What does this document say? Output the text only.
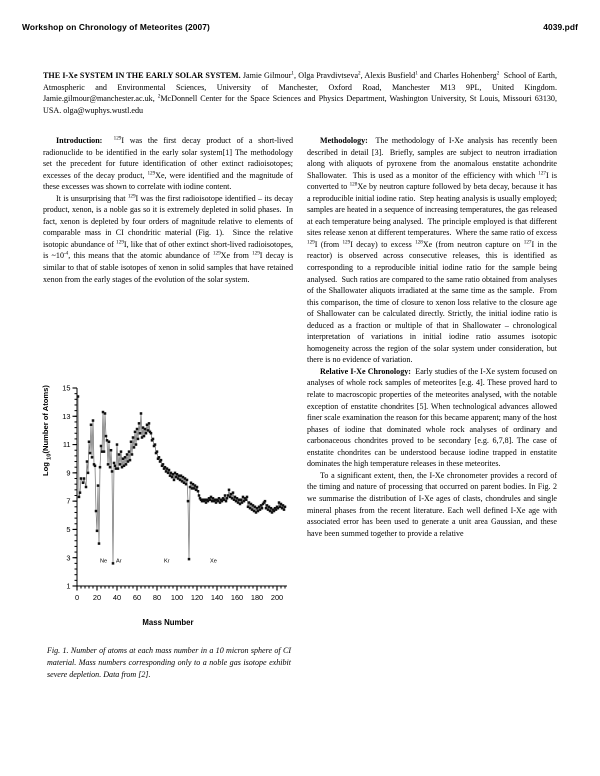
Workshop on Chronology of Meteorites (2007)	4039.pdf
THE I-Xe SYSTEM IN THE EARLY SOLAR SYSTEM. Jamie Gilmour$^1$, Olga Pravdivtseva$^2$, Alexis Busfield$^1$ and Charles Hohenberg$^2$  School of Earth, Atmospheric and Environmental Sciences, University of Manchester, Oxford Road, Manchester M13 9PL, United Kingdom. Jamie.gilmour@manchester.ac.uk, $^2$McDonnell Center for the Space Sciences and Physics Department, Washington University, St Louis, Missouri 63130, USA. olga@wuphys.wustl.edu

Introduction: $^{129}$I was the first decay product of a short-lived radionuclide to be identified in the early solar system[1] The methodology set the precedent for future identification of other extinct radioisotopes; excesses of the decay product, $^{129}$Xe, were identified and the magnitude of these excesses was shown to correlate with iodine content.

It is unsurprising that $^{129}$I was the first radioisotope identified – its decay product, xenon, is a noble gas so it is extremely depleted in solid phases.  In fact, xenon is depleted by four orders of magnitude relative to elements of comparable mass in CI chondritic material (Fig. 1).  Since the relative isotopic abundance of $^{129}$I, like that of other extinct short-lived radioisotopes, is $\sim 10^{-4}$, this means that the atomic abundance of $^{129}$Xe from $^{129}$I decay is similar to that of stable isotopes of xenon in solid samples that have retained xenon from the early stages of the evolution of the solar system.

Log $_{10}$(Number of Atoms)
1
3
5
7
9
11
13
15
0 20 40 60 80 100 120 140 160 180 200
Ne Ar	Kr	Xe
Mass Number
Fig. 1. Number of atoms at each mass number in a 10 micron sphere of CI material. Mass numbers corresponding only to a noble gas isotope exhibit severe depletion. Data from [2].

Methodology:  The methodology of I-Xe analysis has recently been described in detail [3].  Briefly, samples are subject to neutron irradiation along with aliquots of pyroxene from the anomalous enstatite achondrite Shallowater.  This is used as a monitor of the efficiency with which $^{127}$I is converted to $^{128}$Xe by neutron capture followed by beta decay, because it has a reproducible initial iodine ratio.  Step heating analysis is usually employed; samples are heated in a sequence of increasing temperatures, the gas released at each temperature being analysed.  The principle employed is that different sites release xenon at different temperatures.  Where the same ratio of excess $^{129}$I (from $^{129}$I decay) to excess $^{128}$Xe (from neutron capture on $^{127}$I in the reactor) is observed across consecutive releases, this is identified as corresponding to a reproducible initial iodine ratio for the sample being analysed.  Such ratios are compared to the same ratio obtained from analyses of the Shallowater aliquots irradiated at the same time as the sample.  From this comparison, the time of closure to xenon loss relative to the closure age of Shallowater can be calculated directly. Strictly, the initial iodine ratio is deduced as a fraction or multiple of that in Shallowater – chronological interpretation of variations in initial iodine ratio assumes isotopic homogeneity across the region of the solar system under consideration, but there is no evidence of variation.

Relative I-Xe Chronology: Early studies of the I-Xe system focused on analyses of whole rock samples of meteorites [e.g. 4]. These proved hard to relate to macroscopic properties of the meteorites analysed, with the notable exception of enstatite chondrites [5]. When technological advances allowed finer scale examination the reason for this became apparent; many of the host phases of iodine that dominated whole rock analyses of ordinary and carbonaceous chondrites proved to be secondary [e.g. 6,7,8]. The case of enstatite chondrites can be understood because iodine trapped in enstatite dominates the high temperature releases in these meteorites.

To a significant extent, then, the I-Xe chronometer provides a record of the timing and nature of processing that occurred on parent bodies. In Fig. 2 we summarise the distribution of I-Xe ages of clasts, chondrules and single mineral phases from the recent literature. Each well defined I-Xe age with associated error has been used to generate a unit area Gaussian, and these have been summed together to provide a relative
